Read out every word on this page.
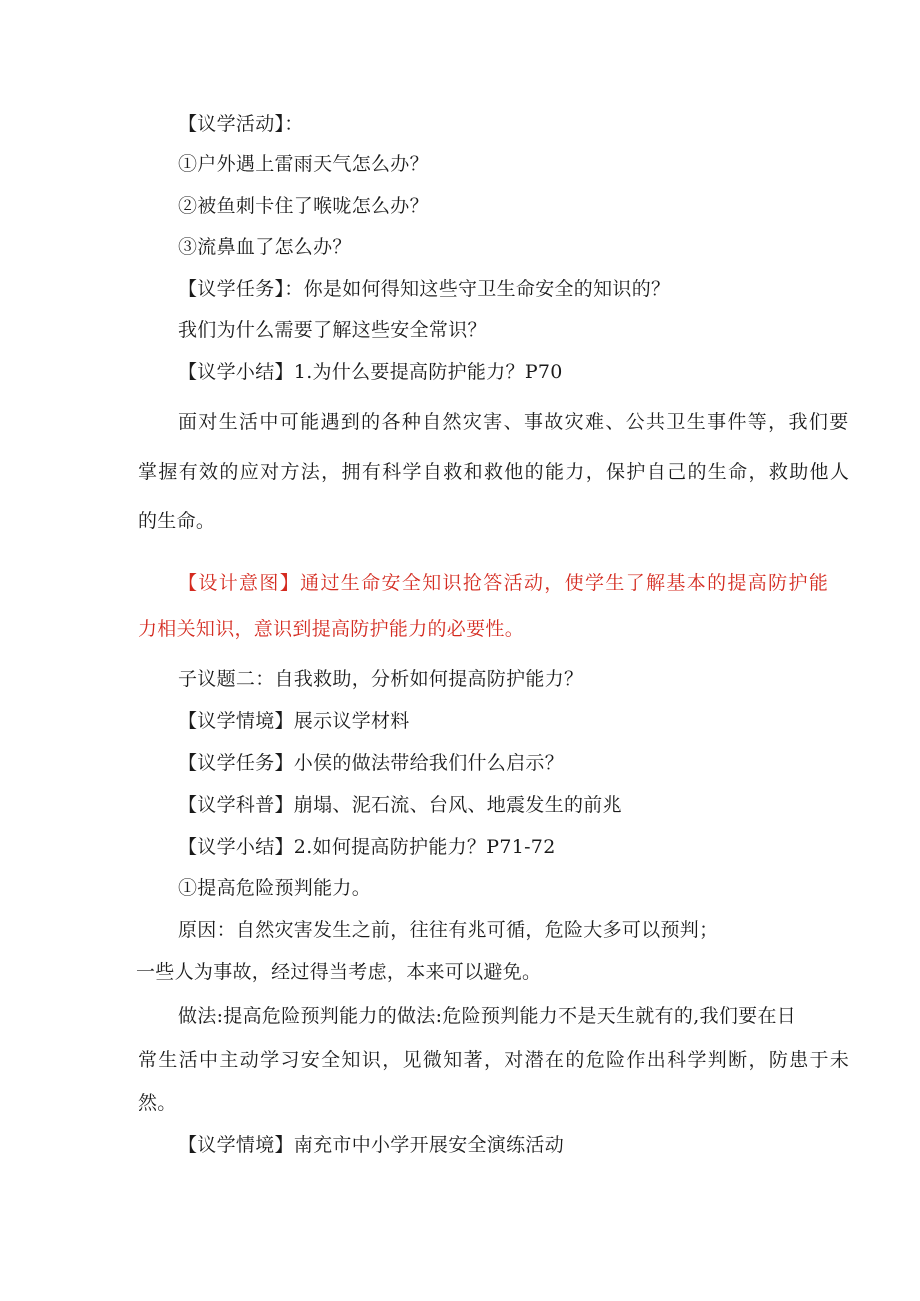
【议学活动】：
①户外遇上雷雨天气怎么办？
②被鱼刺卡住了喉咙怎么办？
③流鼻血了怎么办？
【议学任务】：你是如何得知这些守卫生命安全的知识的？
我们为什么需要了解这些安全常识？
【议学小结】1.为什么要提高防护能力？P70
面对生活中可能遇到的各种自然灾害、事故灾难、公共卫生事件等，我们要
掌握有效的应对方法，拥有科学自救和救他的能力，保护自己的生命，救助他人
的生命。
【设计意图】通过生命安全知识抢答活动，使学生了解基本的提高防护能
力相关知识，意识到提高防护能力的必要性。
子议题二：自我救助，分析如何提高防护能力？
【议学情境】展示议学材料
【议学任务】小侯的做法带给我们什么启示？
【议学科普】崩塌、泥石流、台风、地震发生的前兆
【议学小结】2.如何提高防护能力？P71-72
①提高危险预判能力。
原因：自然灾害发生之前，往往有兆可循，危险大多可以预判；
一些人为事故，经过得当考虑，本来可以避免。
做法:提高危险预判能力的做法:危险预判能力不是天生就有的,我们要在日
常生活中主动学习安全知识，见微知著，对潜在的危险作出科学判断，防患于未
然。
【议学情境】南充市中小学开展安全演练活动
